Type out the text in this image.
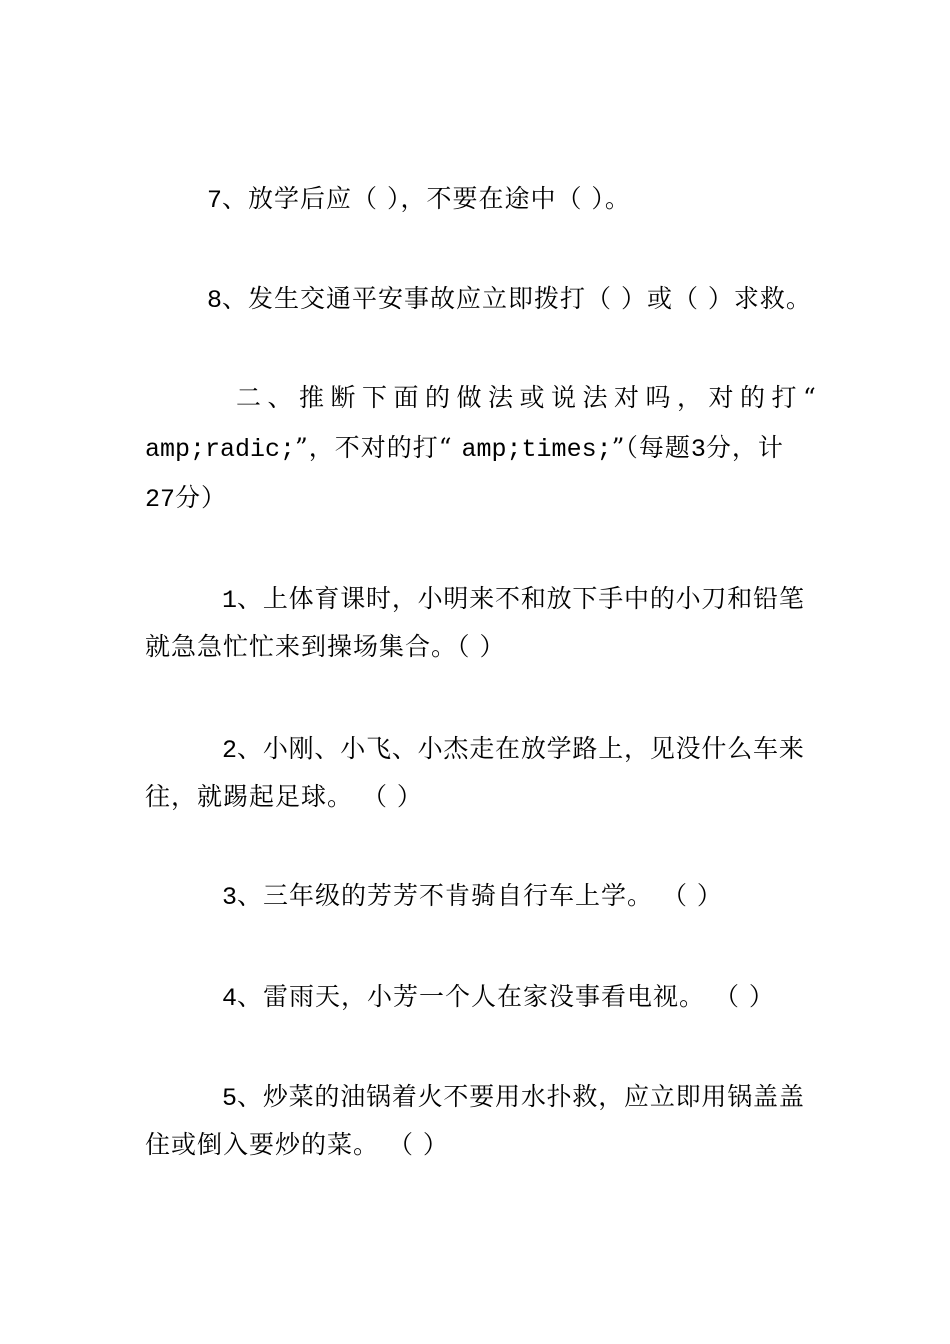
7、放学后应（ ），不要在途中（ ）。
8、发生交通平安事故应立即拨打（ ）或（ ）求救。
二、推断下面的做法或说法对吗，对的打“
amp;radic;”，不对的打“ amp;times;”（每题3分，计
27分）
1、上体育课时，小明来不和放下手中的小刀和铅笔
就急急忙忙来到操场集合。（ ）
2、小刚、小飞、小杰走在放学路上，见没什么车来
往，就踢起足球。 （ ）
3、三年级的芳芳不肯骑自行车上学。 （ ）
4、雷雨天，小芳一个人在家没事看电视。 （ ）
5、炒菜的油锅着火不要用水扑救，应立即用锅盖盖
住或倒入要炒的菜。 （ ）
